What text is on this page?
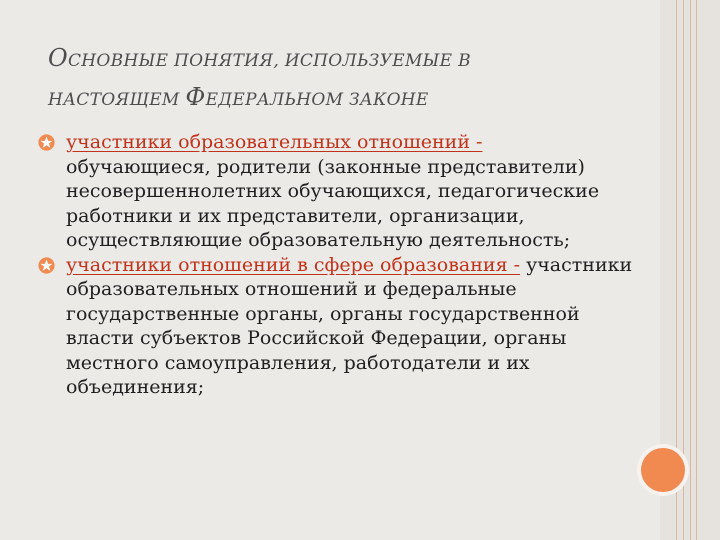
ОСНОВНЫЕ ПОНЯТИЯ, ИСПОЛЬЗУЕМЫЕ В
НАСТОЯЩЕМ ФЕДЕРАЛЬНОМ ЗАКОНЕ
участники образовательных отношений -
обучающиеся, родители (законные представители) несовершеннолетних обучающихся, педагогические работники и их представители, организации, осуществляющие образовательную деятельность;
участники отношений в сфере образования - участники образовательных отношений и федеральные государственные органы, органы государственной власти субъектов Российской Федерации, органы местного самоуправления, работодатели и их объединения;
